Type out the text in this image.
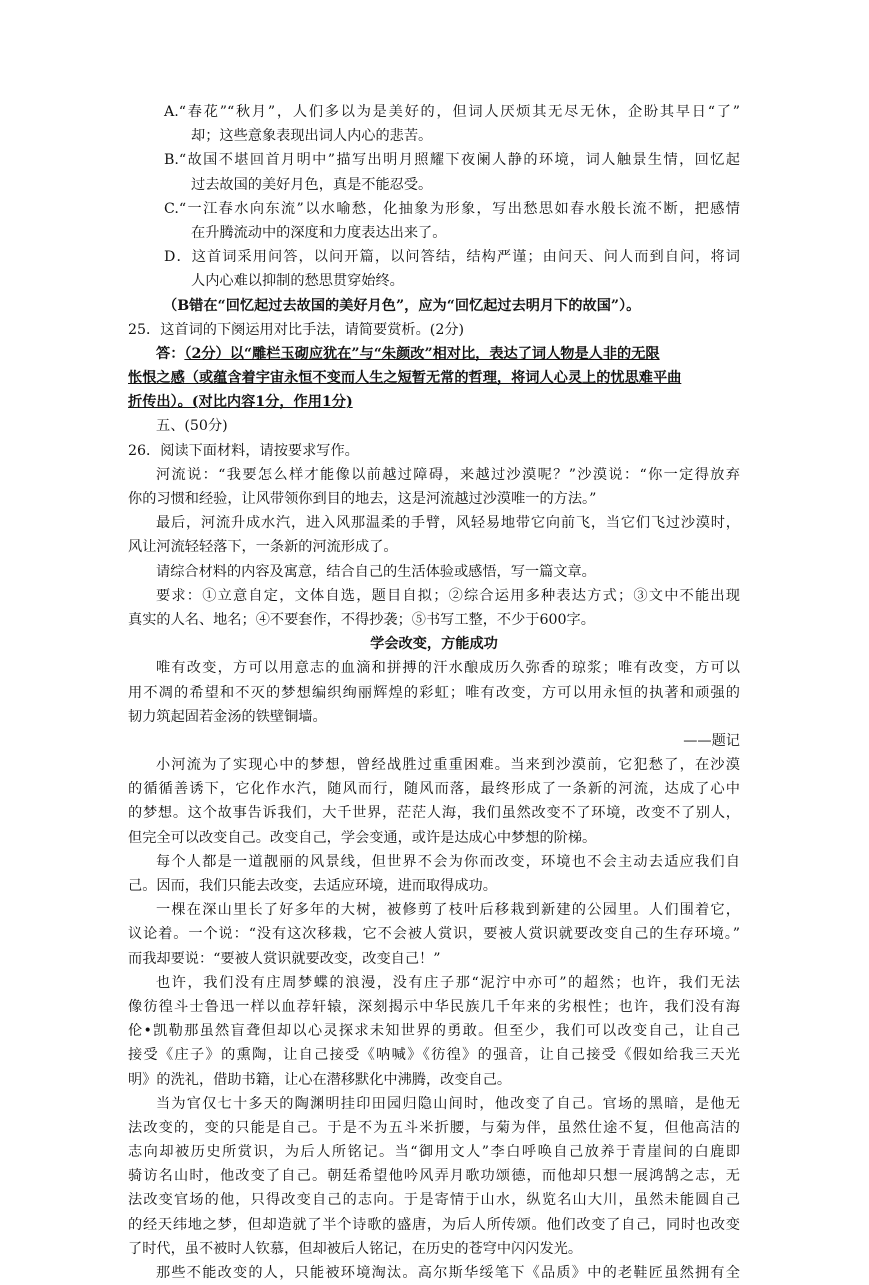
A.“春花”“秋月”，人们多以为是美好的，但词人厌烦其无尽无休，企盼其早日“了”
却；这些意象表现出词人内心的悲苦。
B.“故国不堪回首月明中”描写出明月照耀下夜阑人静的环境，词人触景生情，回忆起
过去故国的美好月色，真是不能忍受。
C.“一江春水向东流”以水喻愁，化抽象为形象，写出愁思如春水般长流不断，把感情
在升腾流动中的深度和力度表达出来了。
D．这首词采用问答，以问开篇，以问答结，结构严谨；由问天、问人而到自问，将词
人内心难以抑制的愁思贯穿始终。
（B错在“回忆起过去故国的美好月色”，应为“回忆起过去明月下的故国”）。
25．这首词的下阕运用对比手法，请简要赏析。(2分)
答：（2分）以“雕栏玉砌应犹在”与“朱颜改”相对比，表达了词人物是人非的无限
怅恨之感（或蕴含着宇宙永恒不变而人生之短暂无常的哲理，将词人心灵上的忧思难平曲
折传出）。(对比内容1分，作用1分)
五、(50分)
26．阅读下面材料，请按要求写作。
河流说：“我要怎么样才能像以前越过障碍，来越过沙漠呢？”沙漠说：“你一定得放弃
你的习惯和经验，让风带领你到目的地去，这是河流越过沙漠唯一的方法。”
最后，河流升成水汽，进入风那温柔的手臂，风轻易地带它向前飞，当它们飞过沙漠时，
风让河流轻轻落下，一条新的河流形成了。
请综合材料的内容及寓意，结合自己的生活体验或感悟，写一篇文章。
要求：①立意自定，文体自选，题目自拟；②综合运用多种表达方式；③文中不能出现
真实的人名、地名；④不要套作，不得抄袭；⑤书写工整，不少于600字。
学会改变，方能成功
唯有改变，方可以用意志的血滴和拼搏的汗水酿成历久弥香的琼浆；唯有改变，方可以
用不凋的希望和不灭的梦想编织绚丽辉煌的彩虹；唯有改变，方可以用永恒的执著和顽强的
韧力筑起固若金汤的铁壁铜墙。
——题记
小河流为了实现心中的梦想，曾经战胜过重重困难。当来到沙漠前，它犯愁了，在沙漠
的循循善诱下，它化作水汽，随风而行，随风而落，最终形成了一条新的河流，达成了心中
的梦想。这个故事告诉我们，大千世界，茫茫人海，我们虽然改变不了环境，改变不了别人，
但完全可以改变自己。改变自己，学会变通，或许是达成心中梦想的阶梯。
每个人都是一道靓丽的风景线，但世界不会为你而改变，环境也不会主动去适应我们自
己。因而，我们只能去改变，去适应环境，进而取得成功。
一棵在深山里长了好多年的大树，被修剪了枝叶后移栽到新建的公园里。人们围着它，
议论着。一个说：“没有这次移栽，它不会被人赏识，要被人赏识就要改变自己的生存环境。”
而我却要说：“要被人赏识就要改变，改变自己！”
也许，我们没有庄周梦蝶的浪漫，没有庄子那“泥泞中亦可”的超然；也许，我们无法
像彷徨斗士鲁迅一样以血荐轩辕，深刻揭示中华民族几千年来的劣根性；也许，我们没有海
伦•凯勒那虽然盲聋但却以心灵探求未知世界的勇敢。但至少，我们可以改变自己，让自己
接受《庄子》的熏陶，让自己接受《呐喊》《彷徨》的强音，让自己接受《假如给我三天光
明》的洗礼，借助书籍，让心在潜移默化中沸腾，改变自己。
当为官仅七十多天的陶渊明挂印田园归隐山间时，他改变了自己。官场的黑暗，是他无
法改变的，变的只能是自己。于是不为五斗米折腰，与菊为伴，虽然仕途不复，但他高洁的
志向却被历史所赏识，为后人所铭记。当“御用文人”李白呼唤自己放养于青崖间的白鹿即
骑访名山时，他改变了自己。朝廷希望他吟风弄月歌功颂德，而他却只想一展鸿鹄之志，无
法改变官场的他，只得改变自己的志向。于是寄情于山水，纵览名山大川，虽然未能圆自己
的经天纬地之梦，但却造就了半个诗歌的盛唐，为后人所传颂。他们改变了自己，同时也改变
了时代，虽不被时人钦慕，但却被后人铭记，在历史的苍穹中闪闪发光。
那些不能改变的人，只能被环境淘汰。高尔斯华绥笔下《品质》中的老鞋匠虽然拥有全
